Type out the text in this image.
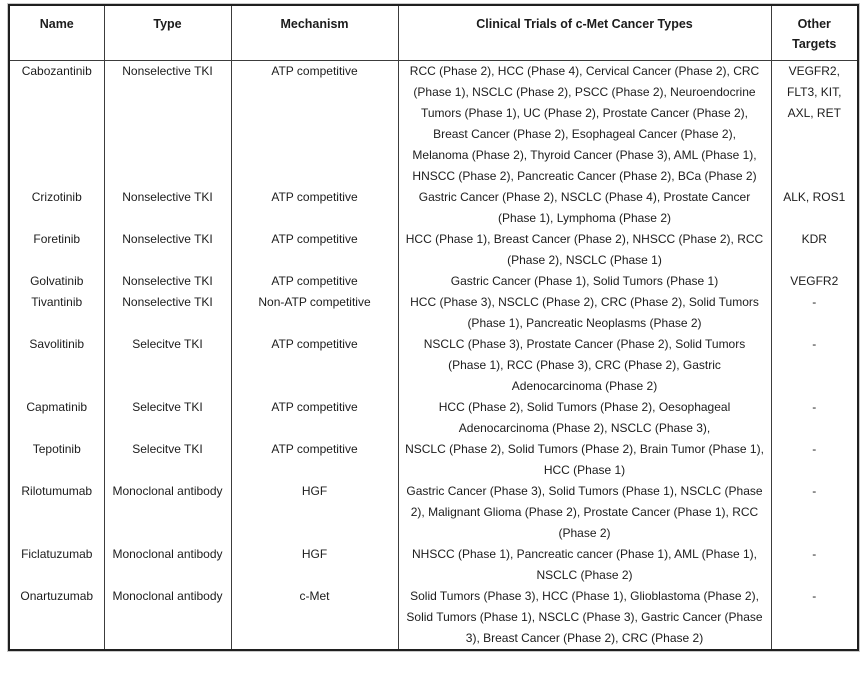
Name	Type	Mechanism	Clinical Trials of c-Met Cancer Types	Other Targets
Cabozantinib	Nonselective TKI	ATP competitive	RCC (Phase 2), HCC (Phase 4), Cervical Cancer (Phase 2), CRC (Phase 1), NSCLC (Phase 2), PSCC (Phase 2), Neuroendocrine Tumors (Phase 1), UC (Phase 2), Prostate Cancer (Phase 2), Breast Cancer (Phase 2), Esophageal Cancer (Phase 2), Melanoma (Phase 2), Thyroid Cancer (Phase 3), AML (Phase 1), HNSCC (Phase 2), Pancreatic Cancer (Phase 2), BCa (Phase 2)	VEGFR2, FLT3, KIT, AXL, RET
Crizotinib	Nonselective TKI	ATP competitive	Gastric Cancer (Phase 2), NSCLC (Phase 4), Prostate Cancer (Phase 1), Lymphoma (Phase 2)	ALK, ROS1
Foretinib	Nonselective TKI	ATP competitive	HCC (Phase 1), Breast Cancer (Phase 2), NHSCC (Phase 2), RCC (Phase 2), NSCLC (Phase 1)	KDR
Golvatinib	Nonselective TKI	ATP competitive	Gastric Cancer (Phase 1), Solid Tumors (Phase 1)	VEGFR2
Tivantinib	Nonselective TKI	Non-ATP competitive	HCC (Phase 3), NSCLC (Phase 2), CRC (Phase 2), Solid Tumors (Phase 1), Pancreatic Neoplasms (Phase 2)	-
Savolitinib	Selecitve TKI	ATP competitive	NSCLC (Phase 3), Prostate Cancer (Phase 2), Solid Tumors (Phase 1), RCC (Phase 3), CRC (Phase 2), Gastric Adenocarcinoma (Phase 2)	-
Capmatinib	Selecitve TKI	ATP competitive	HCC (Phase 2), Solid Tumors (Phase 2), Oesophageal Adenocarcinoma (Phase 2), NSCLC (Phase 3),	-
Tepotinib	Selecitve TKI	ATP competitive	NSCLC (Phase 2), Solid Tumors (Phase 2), Brain Tumor (Phase 1), HCC (Phase 1)	-
Rilotumumab	Monoclonal antibody	HGF	Gastric Cancer (Phase 3), Solid Tumors (Phase 1), NSCLC (Phase 2), Malignant Glioma (Phase 2), Prostate Cancer (Phase 1), RCC (Phase 2)	-
Ficlatuzumab	Monoclonal antibody	HGF	NHSCC (Phase 1), Pancreatic cancer (Phase 1), AML (Phase 1), NSCLC (Phase 2)	-
Onartuzumab	Monoclonal antibody	c-Met	Solid Tumors (Phase 3), HCC (Phase 1), Glioblastoma (Phase 2), Solid Tumors (Phase 1), NSCLC (Phase 3), Gastric Cancer (Phase 3), Breast Cancer (Phase 2), CRC (Phase 2)	-
